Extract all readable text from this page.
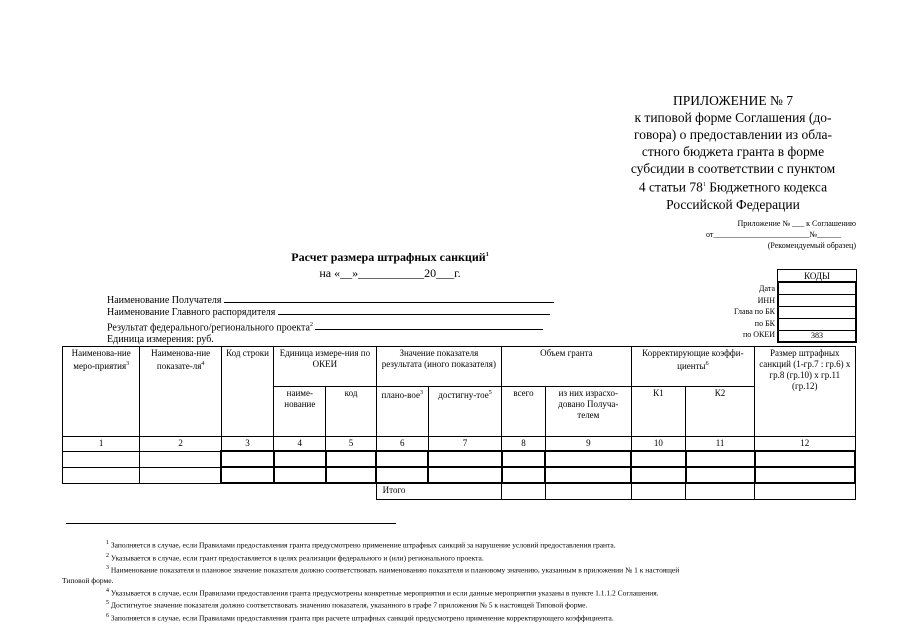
ПРИЛОЖЕНИЕ № 7
к типовой форме Соглашения (до-
говора) о предоставлении из обла-
стного бюджета гранта в форме
субсидии в соответствии с пунктом
4 статьи $78^1$ Бюджетного кодекса
Российской Федерации
Приложение № ___ к Соглашению
от________________________№______
(Рекомендуемый образец)
Расчет размера штрафных санкций$^1$
на «__»___________20___г.	КОДЫ
Дата
ИНН
Глава по БК
по БК
по ОКЕИ	383
Наименование Получателя
Наименование Главного распорядителя
Результат федерального/регионального проекта$^2$
Единица измерения: руб.
Наименова-ние меро-приятия$^3$	Наименова-ние показате-$ля^4$	Код строки	Единица измере-ния по ОКЕИ		Значение показателя результата (иного показателя)		Объем гранта		Корректирующие коэффи-циенты$^6$		Размер штрафных санкций (1-гр.7 : гр.6) х гр.8 (гр.10) х гр.11 (гр.12)
			наиме-нование	код	плано-вое$^3$	достигну-тое$^5$	всего	из них израсхо-довано Получа-телем	К1	К2	
1	2	3	4	5	6	7	8	9	10	11	12

					Итого						
$^1$ Заполняется в случае, если Правилами предоставления гранта предусмотрено применение штрафных санкций за нарушение условий предоставления гранта.
$^2$ Указывается в случае, если грант предоставляется в целях реализации федерального и (или) регионального проекта.
$^3$ Наименование показателя и плановое значение показателя должно соответствовать наименованию показателя и плановому значению, указанным в приложении № 1 к настоящей
Типовой форме.
$^4$ Указывается в случае, если Правилами предоставления гранта предусмотрены конкретные мероприятия и если данные мероприятия указаны в пункте 1.1.1.2 Соглашения.
$^5$ Достигнутое значение показателя должно соответствовать значению показателя, указанного в графе 7 приложения № 5 к настоящей Типовой форме.
$^6$ Заполняется в случае, если Правилами предоставления гранта при расчете штрафных санкций предусмотрено применение корректирующего коэффициента.
